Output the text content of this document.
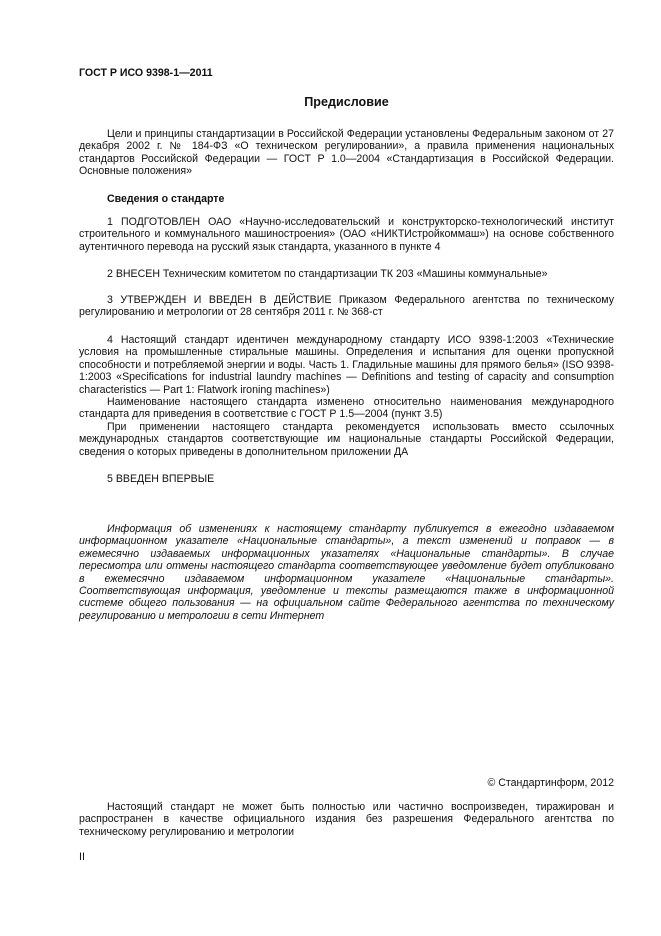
ГОСТ Р ИСО 9398-1—2011
Предисловие

Цели и принципы стандартизации в Российской Федерации установлены Федеральным законом от 27 декабря 2002 г. № 184-ФЗ «О техническом регулировании», а правила применения национальных стандартов Российской Федерации — ГОСТ Р 1.0—2004 «Стандартизация в Российской Федерации. Основные положения»

Сведения о стандарте

1 ПОДГОТОВЛЕН ОАО «Научно-исследовательский и конструкторско-технологический институт строительного и коммунального машиностроения» (ОАО «НИКТИстройкоммаш») на основе собственного аутентичного перевода на русский язык стандарта, указанного в пункте 4

2 ВНЕСЕН Техническим комитетом по стандартизации ТК 203 «Машины коммунальные»

3 УТВЕРЖДЕН И ВВЕДЕН В ДЕЙСТВИЕ Приказом Федерального агентства по техническому регулированию и метрологии от 28 сентября 2011 г. № 368-ст

4 Настоящий стандарт идентичен международному стандарту ИСО 9398-1:2003 «Технические условия на промышленные стиральные машины. Определения и испытания для оценки пропускной способности и потребляемой энергии и воды. Часть 1. Гладильные машины для прямого белья» (ISO 9398-1:2003 «Specifications for industrial laundry machines — Definitions and testing of capacity and consumption characteristics — Part 1: Flatwork ironing machines»)

Наименование настоящего стандарта изменено относительно наименования международного стандарта для приведения в соответствие с ГОСТ Р 1.5—2004 (пункт 3.5)

При применении настоящего стандарта рекомендуется использовать вместо ссылочных международных стандартов соответствующие им национальные стандарты Российской Федерации, сведения о которых приведены в дополнительном приложении ДА

5 ВВЕДЕН ВПЕРВЫЕ

Информация об изменениях к настоящему стандарту публикуется в ежегодно издаваемом информационном указателе «Национальные стандарты», а текст изменений и поправок — в ежемесячно издаваемых информационных указателях «Национальные стандарты». В случае пересмотра или отмены настоящего стандарта соответствующее уведомление будет опубликовано в ежемесячно издаваемом информационном указателе «Национальные стандарты». Соответствующая информация, уведомление и тексты размещаются также в информационной системе общего пользования — на официальном сайте Федерального агентства по техническому регулированию и метрологии в сети Интернет

© Стандартинформ, 2012

Настоящий стандарт не может быть полностью или частично воспроизведен, тиражирован и распространен в качестве официального издания без разрешения Федерального агентства по техническому регулированию и метрологии

II
